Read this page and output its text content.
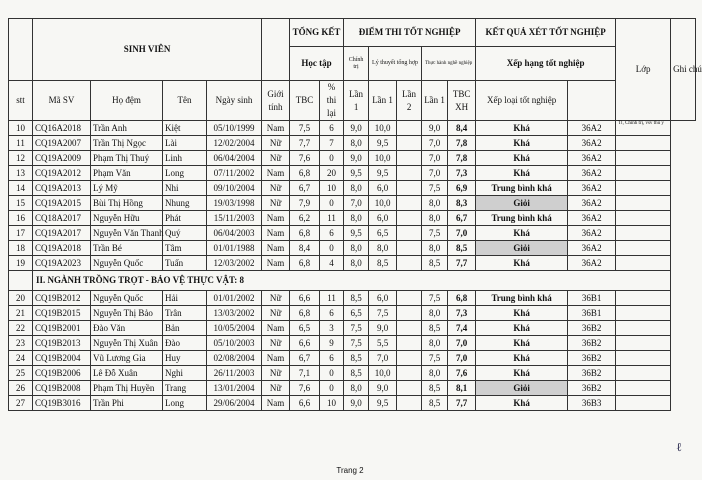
	SINH VIÊN					TỔNG KẾT		ĐIỂM THI TỐT NGHIỆP					KẾT QUẢ XÉT TỐT NGHIỆP		Lớp	Ghi chú
						Học tập		Chính trị	Lý thuyết tổng hợp		Thực hành nghề nghiệp		Xếp hạng tốt nghiệp			
stt	Mã SV	Họ đệm	Tên	Ngày sinh	Giới tính	TBC	% thi lại	Lần 1	Lần 1	Lần 2	Lần 1	TBC XH	Xếp loại tốt nghiệp			
10	CQ16A2018	Trần Anh	Kiệt	05/10/1999	Nam	7,5	6	9,0	10,0		9,0	8,4	Khá	36A2	Tl, Chính trị, vsv thú y	
11	CQ19A2007	Trần Thị Ngọc	Lài	12/02/2004	Nữ	7,7	7	8,0	9,5		7,0	7,8	Khá	36A2		
12	CQ19A2009	Phạm Thị Thuý	Linh	06/04/2004	Nữ	7,6	0	9,0	10,0		7,0	7,8	Khá	36A2		
13	CQ19A2012	Phạm Văn	Long	07/11/2002	Nam	6,8	20	9,5	9,5		7,0	7,3	Khá	36A2		
14	CQ19A2013	Lý Mỹ	Nhi	09/10/2004	Nữ	6,7	10	8,0	6,0		7,5	6,9	Trung bình khá	36A2		
15	CQ19A2015	Bùi Thị Hồng	Nhung	19/03/1998	Nữ	7,9	0	7,0	10,0		8,0	8,3	Giỏi	36A2		
16	CQ18A2017	Nguyễn Hữu	Phát	15/11/2003	Nam	6,2	11	8,0	6,0		8,0	6,7	Trung bình khá	36A2		
17	CQ19A2017	Nguyễn Văn Thanh	Quý	06/04/2003	Nam	6,8	6	9,5	6,5		7,5	7,0	Khá	36A2		
18	CQ19A2018	Trần Bé	Tâm	01/01/1988	Nam	8,4	0	8,0	8,0		8,0	8,5	Giỏi	36A2		
19	CQ19A2023	Nguyễn Quốc	Tuấn	12/03/2002	Nam	6,8	4	8,0	8,5		8,5	7,7	Khá	36A2		
	II. NGÀNH TRỒNG TRỌT - BẢO VỆ THỰC VẬT: 8															
20	CQ19B2012	Nguyễn Quốc	Hải	01/01/2002	Nữ	6,6	11	8,5	6,0		7,5	6,8	Trung bình khá	36B1		
21	CQ19B2015	Nguyễn Thị Bảo	Trân	13/03/2002	Nữ	6,8	6	6,5	7,5		8,0	7,3	Khá	36B1		
22	CQ19B2001	Đào Văn	Bản	10/05/2004	Nam	6,5	3	7,5	9,0		8,5	7,4	Khá	36B2		
23	CQ19B2013	Nguyễn Thị Xuân	Đào	05/10/2003	Nữ	6,6	9	7,5	5,5		8,0	7,0	Khá	36B2		
24	CQ19B2004	Vũ Lương Gia	Huy	02/08/2004	Nam	6,7	6	8,5	7,0		7,5	7,0	Khá	36B2		
25	CQ19B2006	Lê Đỗ Xuân	Nghi	26/11/2003	Nữ	7,1	0	8,5	10,0		8,0	7,6	Khá	36B2		
26	CQ19B2008	Phạm Thị Huyền	Trang	13/01/2004	Nữ	7,6	0	8,0	9,0		8,5	8,1	Giỏi	36B2		
27	CQ19B3016	Trần Phi	Long	29/06/2004	Nam	6,6	10	9,0	9,5		8,5	7,7	Khá	36B3		
Trang 2
ℓ
